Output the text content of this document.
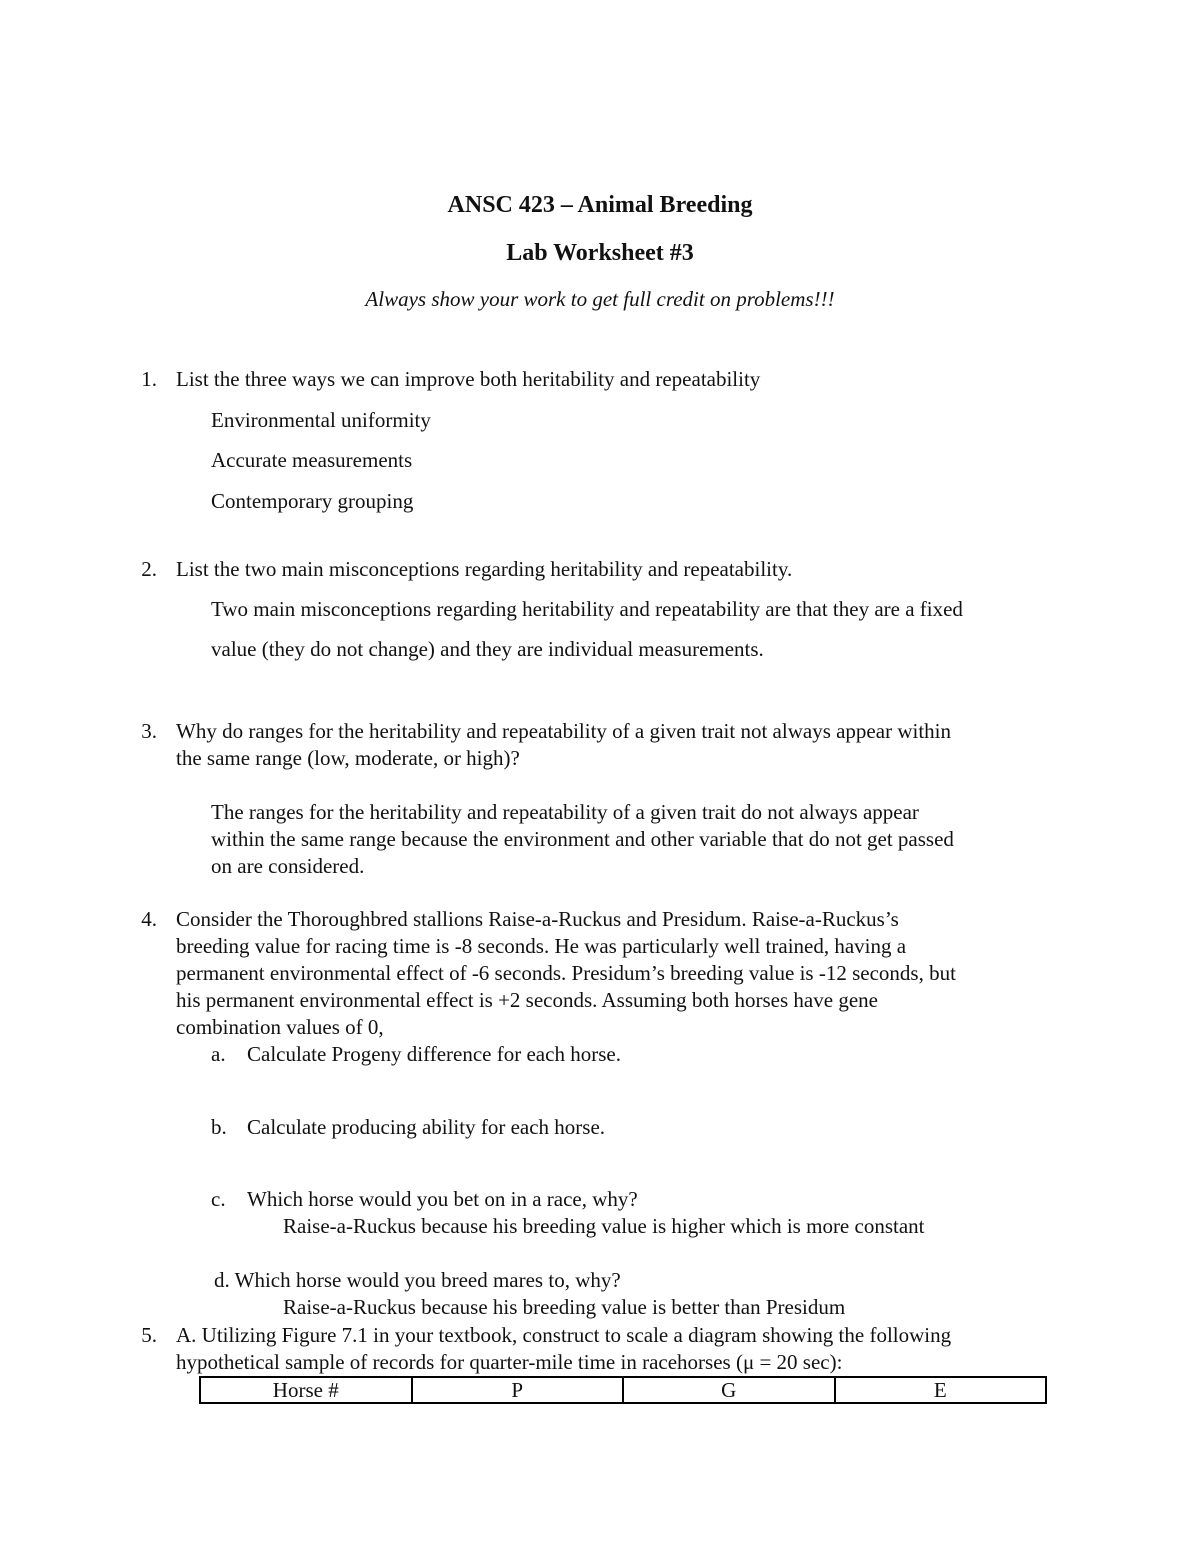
ANSC 423 – Animal Breeding
Lab Worksheet #3
Always show your work to get full credit on problems!!!
1. List the three ways we can improve both heritability and repeatability
Environmental uniformity
Accurate measurements
Contemporary grouping
2. List the two main misconceptions regarding heritability and repeatability.
Two main misconceptions regarding heritability and repeatability are that they are a fixed
value (they do not change) and they are individual measurements.
3. Why do ranges for the heritability and repeatability of a given trait not always appear within
the same range (low, moderate, or high)?
The ranges for the heritability and repeatability of a given trait do not always appear
within the same range because the environment and other variable that do not get passed
on are considered.
4. Consider the Thoroughbred stallions Raise-a-Ruckus and Presidum. Raise-a-Ruckus’s
breeding value for racing time is -8 seconds. He was particularly well trained, having a
permanent environmental effect of -6 seconds. Presidum’s breeding value is -12 seconds, but
his permanent environmental effect is +2 seconds. Assuming both horses have gene
combination values of 0,
a. Calculate Progeny difference for each horse.
b. Calculate producing ability for each horse.
c. Which horse would you bet on in a race, why?
Raise-a-Ruckus because his breeding value is higher which is more constant
d. Which horse would you breed mares to, why?
Raise-a-Ruckus because his breeding value is better than Presidum
5. A. Utilizing Figure 7.1 in your textbook, construct to scale a diagram showing the following
hypothetical sample of records for quarter-mile time in racehorses (μ = 20 sec):
Horse #	P	G	E
